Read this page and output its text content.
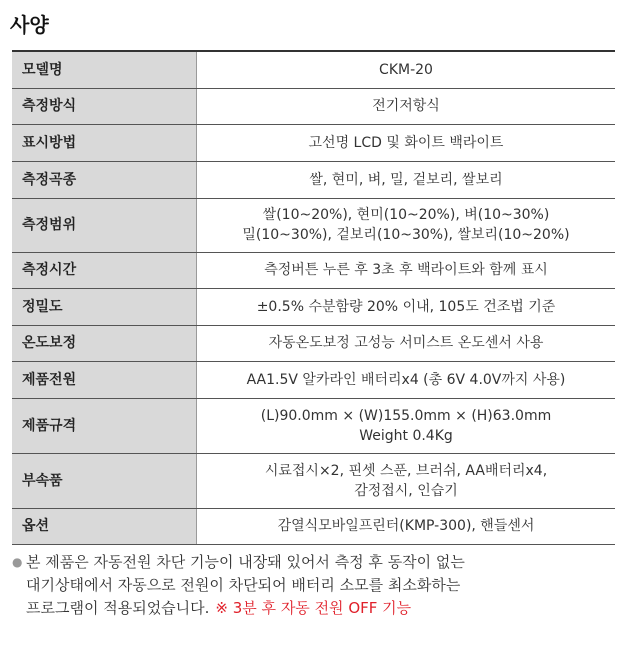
사양
모델명	CKM-20

측정방식	전기저항식

표시방법	고선명 LCD 및 화이트 백라이트

측정곡종	쌀, 현미, 벼, 밀, 겉보리, 쌀보리

측정범위	쌀(10~20%), 현미(10~20%), 벼(10~30%)
밀(10~30%), 겉보리(10~30%), 쌀보리(10~20%)

측정시간	측정버튼 누른 후 3초 후 백라이트와 함께 표시

정밀도	±0.5% 수분함량 20% 이내, 105도 건조법 기준

온도보정	자동온도보정 고성능 서미스트 온도센서 사용

제품전원	AA1.5V 알카라인 배터리x4 (총 6V 4.0V까지 사용)

제품규격	(L)90.0mm × (W)155.0mm × (H)63.0mm
Weight 0.4Kg

부속품	시료접시×2, 핀셋 스푼, 브러쉬, AA배터리x4,
감정접시, 인습기

옵션	감열식모바일프린터(KMP-300), 핸들센서
● 본 제품은 자동전원 차단 기능이 내장돼 있어서 측정 후 동작이 없는
대기상태에서 자동으로 전원이 차단되어 배터리 소모를 최소화하는
프로그램이 적용되었습니다. ※ 3분 후 자동 전원 OFF 기능
